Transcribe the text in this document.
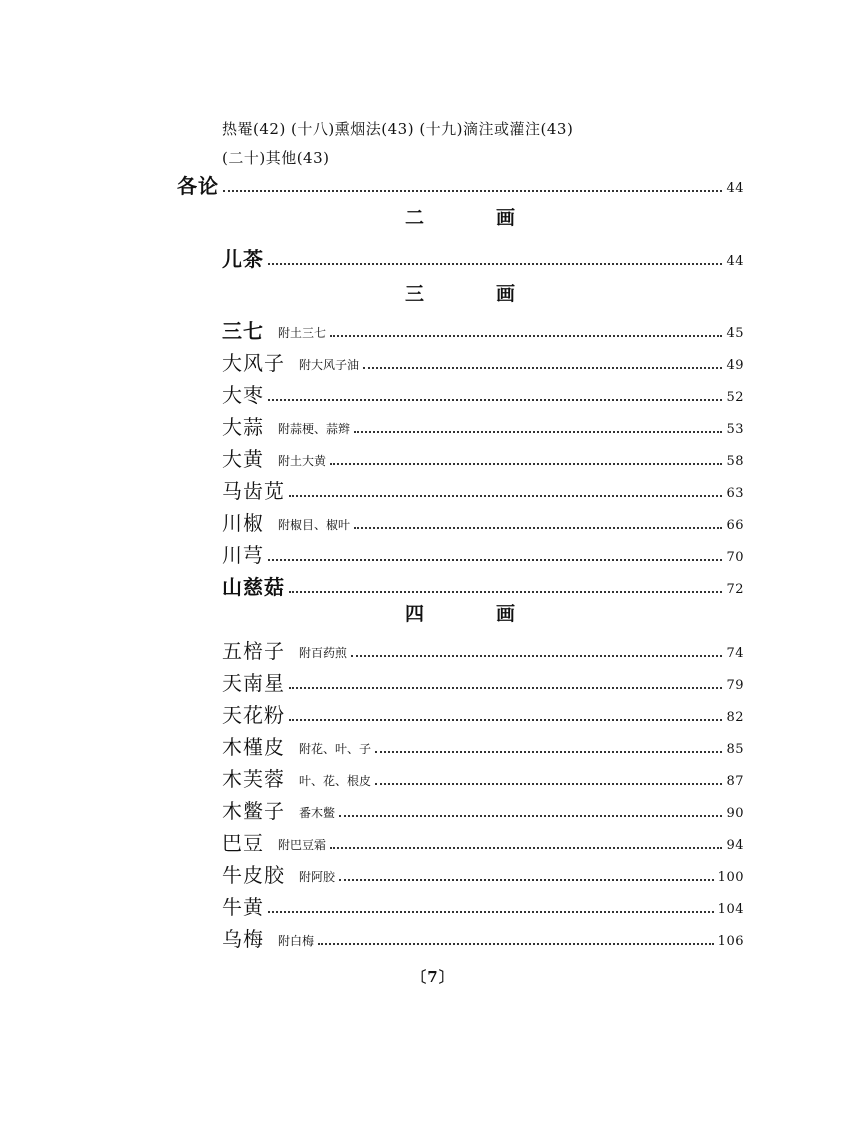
热罨(42) (十八)熏烟法(43) (十九)滴注或灌注(43)
(二十)其他(43)
各论	44
二	画
儿茶	44
三	画
三七 附土三七	45
大风子 附大风子油	49
大枣	52
大蒜 附蒜梗、蒜辫	53
大黄 附土大黄	58
马齿苋	63
川椒 附椒目、椒叶	66
川芎	70
山慈菇	72
四	画
五棓子 附百药煎	74
天南星	79
天花粉	82
木槿皮 附花、叶、子	85
木芙蓉 叶、花、根皮	87
木鳖子 番木鳖	90
巴豆 附巴豆霜	94
牛皮胶 附阿胶	100
牛黄	104
乌梅 附白梅	106
〔7〕
